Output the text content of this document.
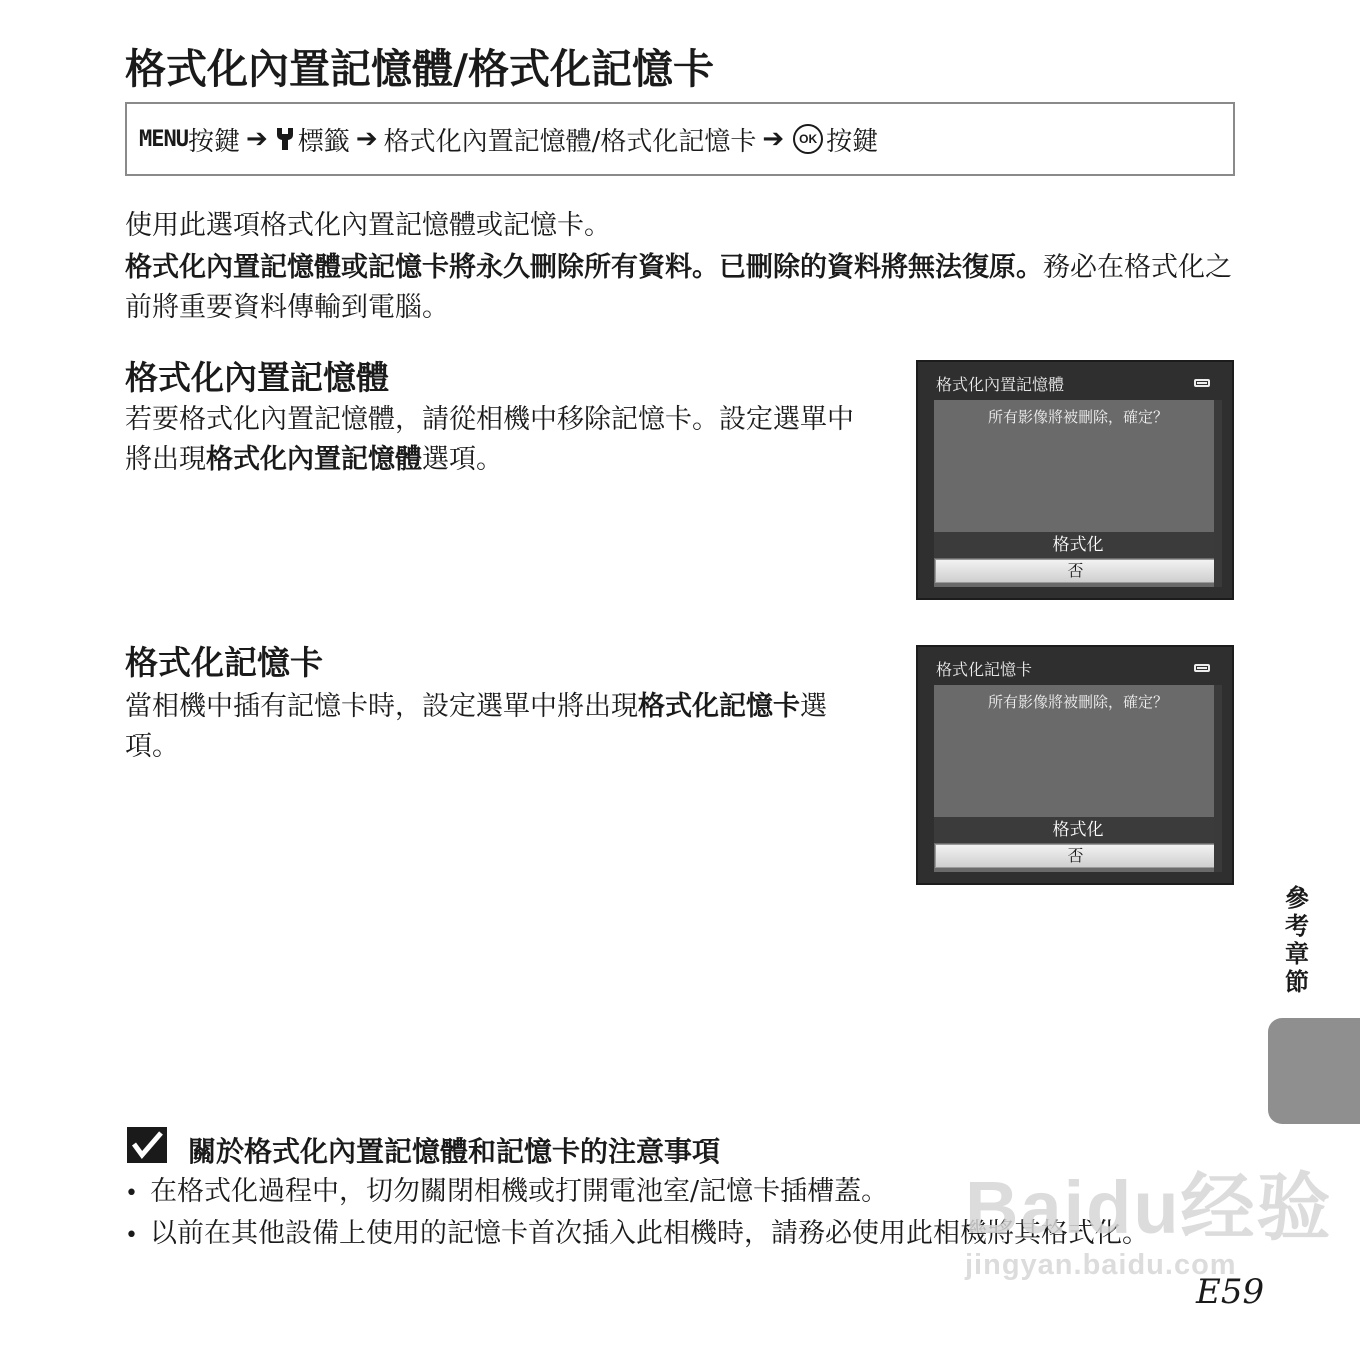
格式化內置記憶體/格式化記憶卡
MENU 按鍵 ➔ 標籤 ➔ 格式化內置記憶體/格式化記憶卡 ➔	OK 按鍵
使用此選項格式化內置記憶體或記憶卡。
格式化內置記憶體或記憶卡將永久刪除所有資料。已刪除的資料將無法復原。務必在格式化之前將重要資料傳輸到電腦。
格式化內置記憶體
若要格式化內置記憶體，請從相機中移除記憶卡。設定選單中將出現格式化內置記憶體選項。
格式化記憶卡
當相機中插有記憶卡時，設定選單中將出現格式化記憶卡選項。
格式化內置記憶體
所有影像將被刪除，確定？
格式化
否
格式化記憶卡
所有影像將被刪除，確定？
格式化
否
參考章節
關於格式化內置記憶體和記憶卡的注意事項
• 在格式化過程中，切勿關閉相機或打開電池室/記憶卡插槽蓋。
• 以前在其他設備上使用的記憶卡首次插入此相機時，請務必使用此相機將其格式化。
Baidu经验
jingyan.baidu.com
E59
